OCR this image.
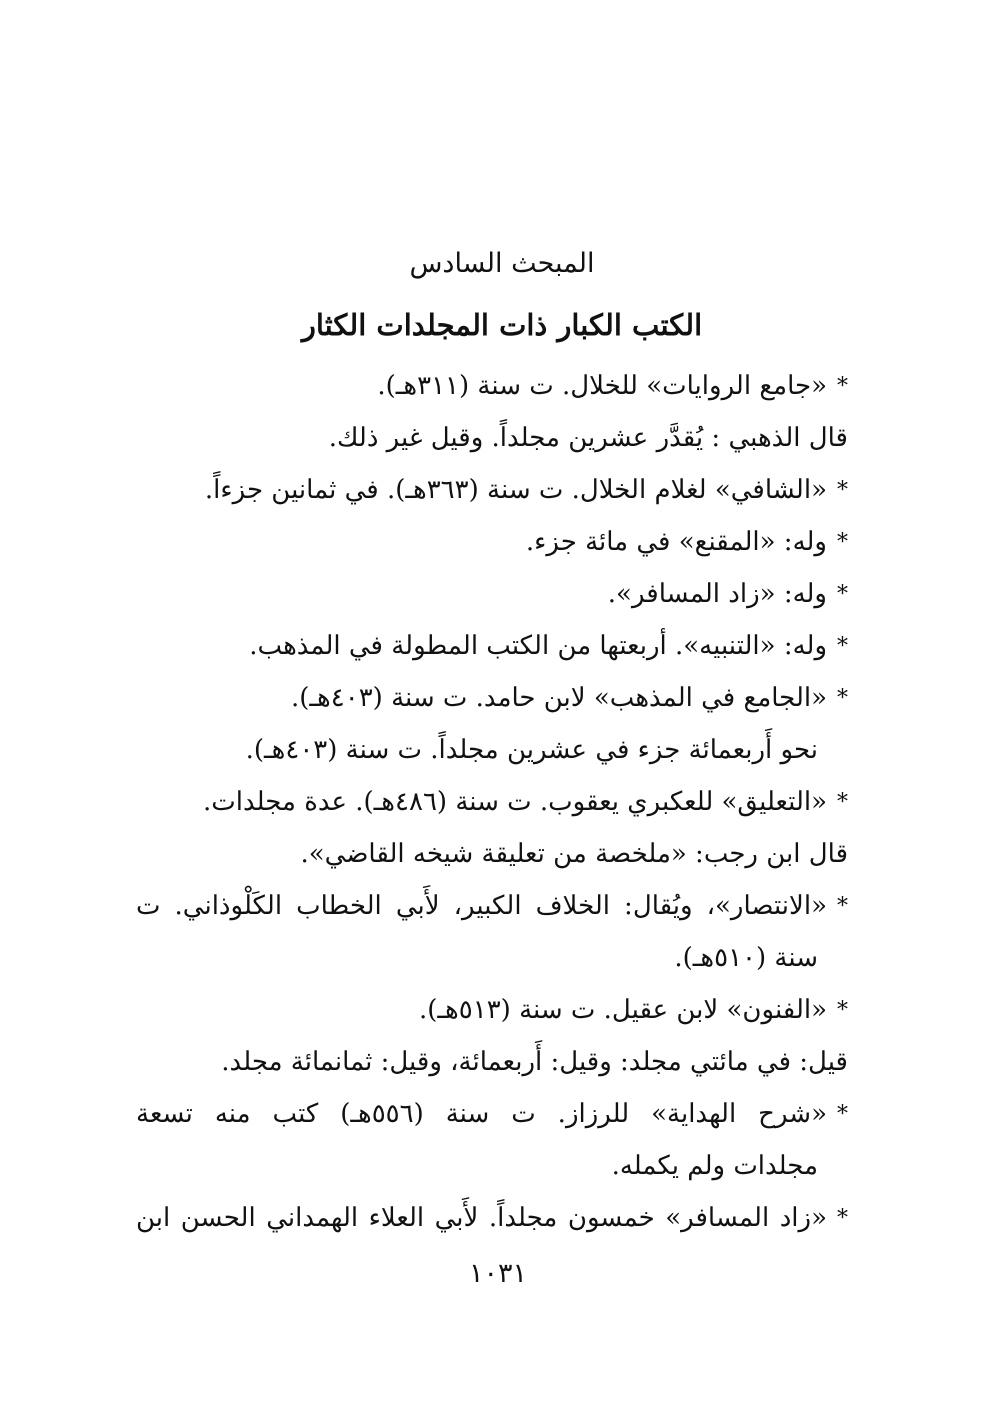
المبحث السادس
الكتب الكبار ذات المجلدات الكثار
*«جامع الروايات» للخلال. ت سنة (٣١١هـ).
قال الذهبي : يُقدَّر عشرين مجلداً. وقيل غير ذلك.
*«الشافي» لغلام الخلال. ت سنة (٣٦٣هـ). في ثمانين جزءاً.
*وله: «المقنع» في مائة جزء.
*وله: «زاد المسافر».
*وله: «التنبيه». أربعتها من الكتب المطولة في المذهب.
*«الجامع في المذهب» لابن حامد. ت سنة (٤٠٣هـ).
نحو أَربعمائة جزء في عشرين مجلداً. ت سنة (٤٠٣هـ).
*«التعليق» للعكبري يعقوب. ت سنة (٤٨٦هـ). عدة مجلدات.
قال ابن رجب: «ملخصة من تعليقة شيخه القاضي».
*«الانتصار»، ويُقال: الخلاف الكبير، لأَبي الخطاب الكَلْوذاني. ت
سنة (٥١٠هـ).
*«الفنون» لابن عقيل. ت سنة (٥١٣هـ).
قيل: في مائتي مجلد: وقيل: أَربعمائة، وقيل: ثمانمائة مجلد.
*«شرح الهداية» للرزاز. ت سنة (٥٥٦هـ) كتب منه تسعة
مجلدات ولم يكمله.
*«زاد المسافر» خمسون مجلداً. لأَبي العلاء الهمداني الحسن ابن
١٠٣١
